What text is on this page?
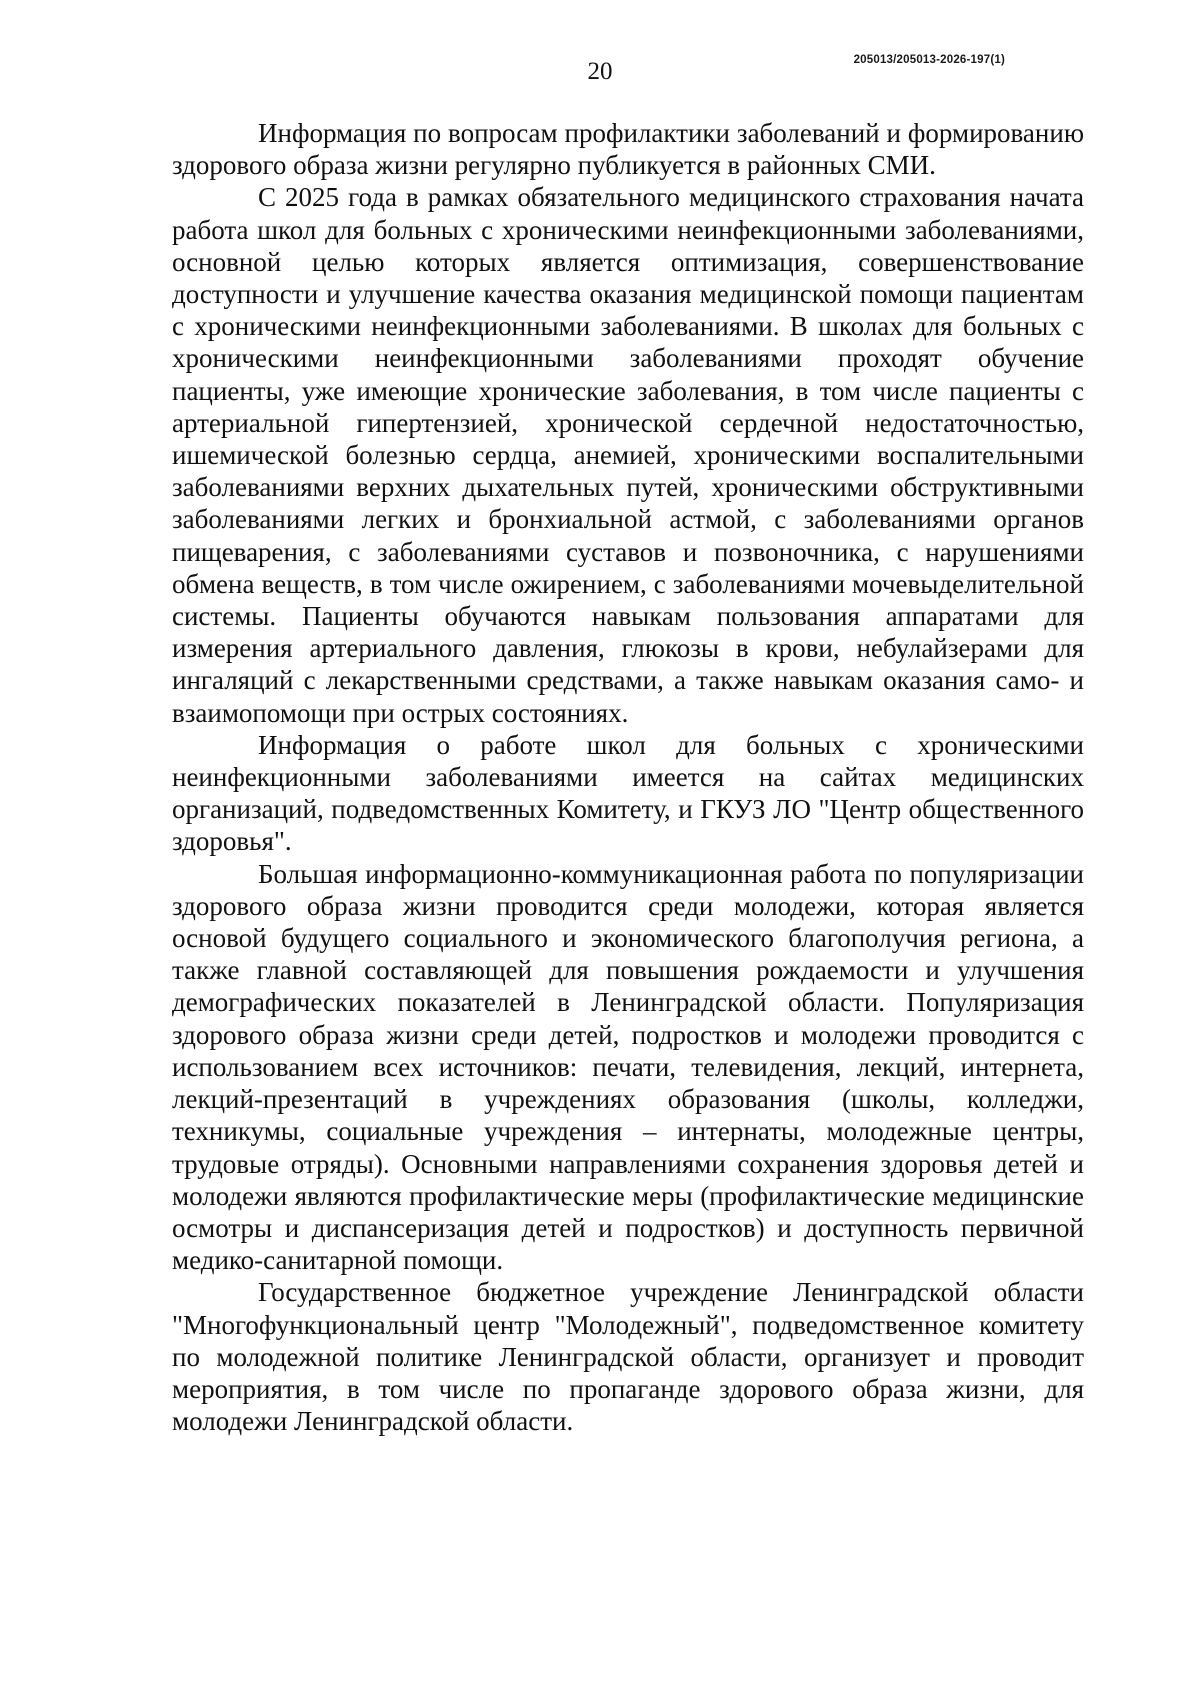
205013/205013-2026-197(1)
20

Информация по вопросам профилактики заболеваний и формированию здорового образа жизни регулярно публикуется в районных СМИ.

С 2025 года в рамках обязательного медицинского страхования начата работа школ для больных с хроническими неинфекционными заболеваниями, основной целью которых является оптимизация, совершенствование доступности и улучшение качества оказания медицинской помощи пациентам с хроническими неинфекционными заболеваниями. В школах для больных с хроническими неинфекционными заболеваниями проходят обучение пациенты, уже имеющие хронические заболевания, в том числе пациенты с артериальной гипертензией, хронической сердечной недостаточностью, ишемической болезнью сердца, анемией, хроническими воспалительными заболеваниями верхних дыхательных путей, хроническими обструктивными заболеваниями легких и бронхиальной астмой, с заболеваниями органов пищеварения, с заболеваниями суставов и позвоночника, с нарушениями обмена веществ, в том числе ожирением, с заболеваниями мочевыделительной системы. Пациенты обучаются навыкам пользования аппаратами для измерения артериального давления, глюкозы в крови, небулайзерами для ингаляций с лекарственными средствами, а также навыкам оказания само- и взаимопомощи при острых состояниях.

Информация о работе школ для больных с хроническими неинфекционными заболеваниями имеется на сайтах медицинских организаций, подведомственных Комитету, и ГКУЗ ЛО "Центр общественного здоровья".

Большая информационно-коммуникационная работа по популяризации здорового образа жизни проводится среди молодежи, которая является основой будущего социального и экономического благополучия региона, а также главной составляющей для повышения рождаемости и улучшения демографических показателей в Ленинградской области. Популяризация здорового образа жизни среди детей, подростков и молодежи проводится с использованием всех источников: печати, телевидения, лекций, интернета, лекций-презентаций в учреждениях образования (школы, колледжи, техникумы, социальные учреждения – интернаты, молодежные центры, трудовые отряды). Основными направлениями сохранения здоровья детей и молодежи являются профилактические меры (профилактические медицинские осмотры и диспансеризация детей и подростков) и доступность первичной медико-санитарной помощи.

Государственное бюджетное учреждение Ленинградской области "Многофункциональный центр "Молодежный", подведомственное комитету по молодежной политике Ленинградской области, организует и проводит мероприятия, в том числе по пропаганде здорового образа жизни, для молодежи Ленинградской области.
